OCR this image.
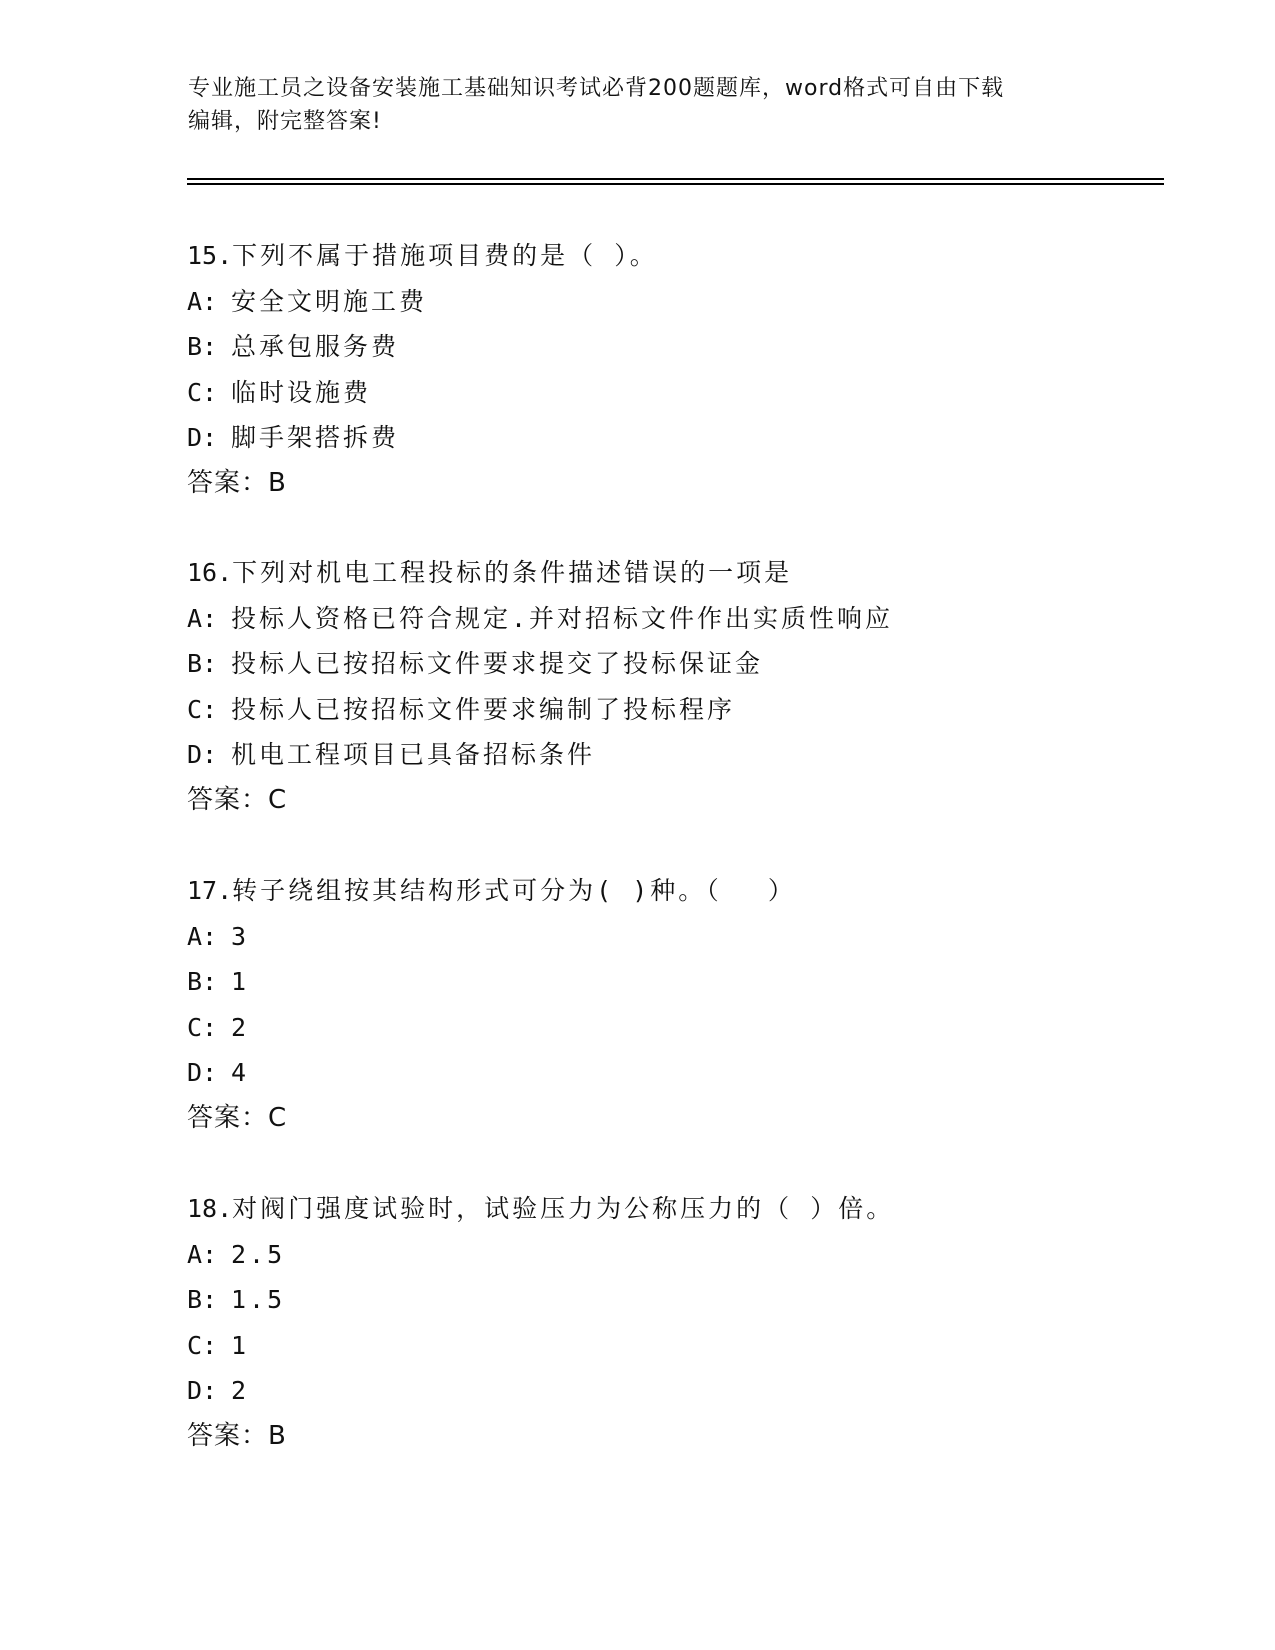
专业施工员之设备安装施工基础知识考试必背200题题库，word格式可自由下载
编辑，附完整答案!
15.下列不属于措施项目费的是（ ）。
A: 安全文明施工费
B: 总承包服务费
C: 临时设施费
D: 脚手架搭拆费
答案：B
16.下列对机电工程投标的条件描述错误的一项是
A: 投标人资格已符合规定.并对招标文件作出实质性响应
B: 投标人已按招标文件要求提交了投标保证金
C: 投标人已按招标文件要求编制了投标程序
D: 机电工程项目已具备招标条件
答案：C
17.转子绕组按其结构形式可分为( )种。（　 ）
A: 3
B: 1
C: 2
D: 4
答案：C
18.对阀门强度试验时，试验压力为公称压力的（ ）倍。
A: 2.5
B: 1.5
C: 1
D: 2
答案：B
